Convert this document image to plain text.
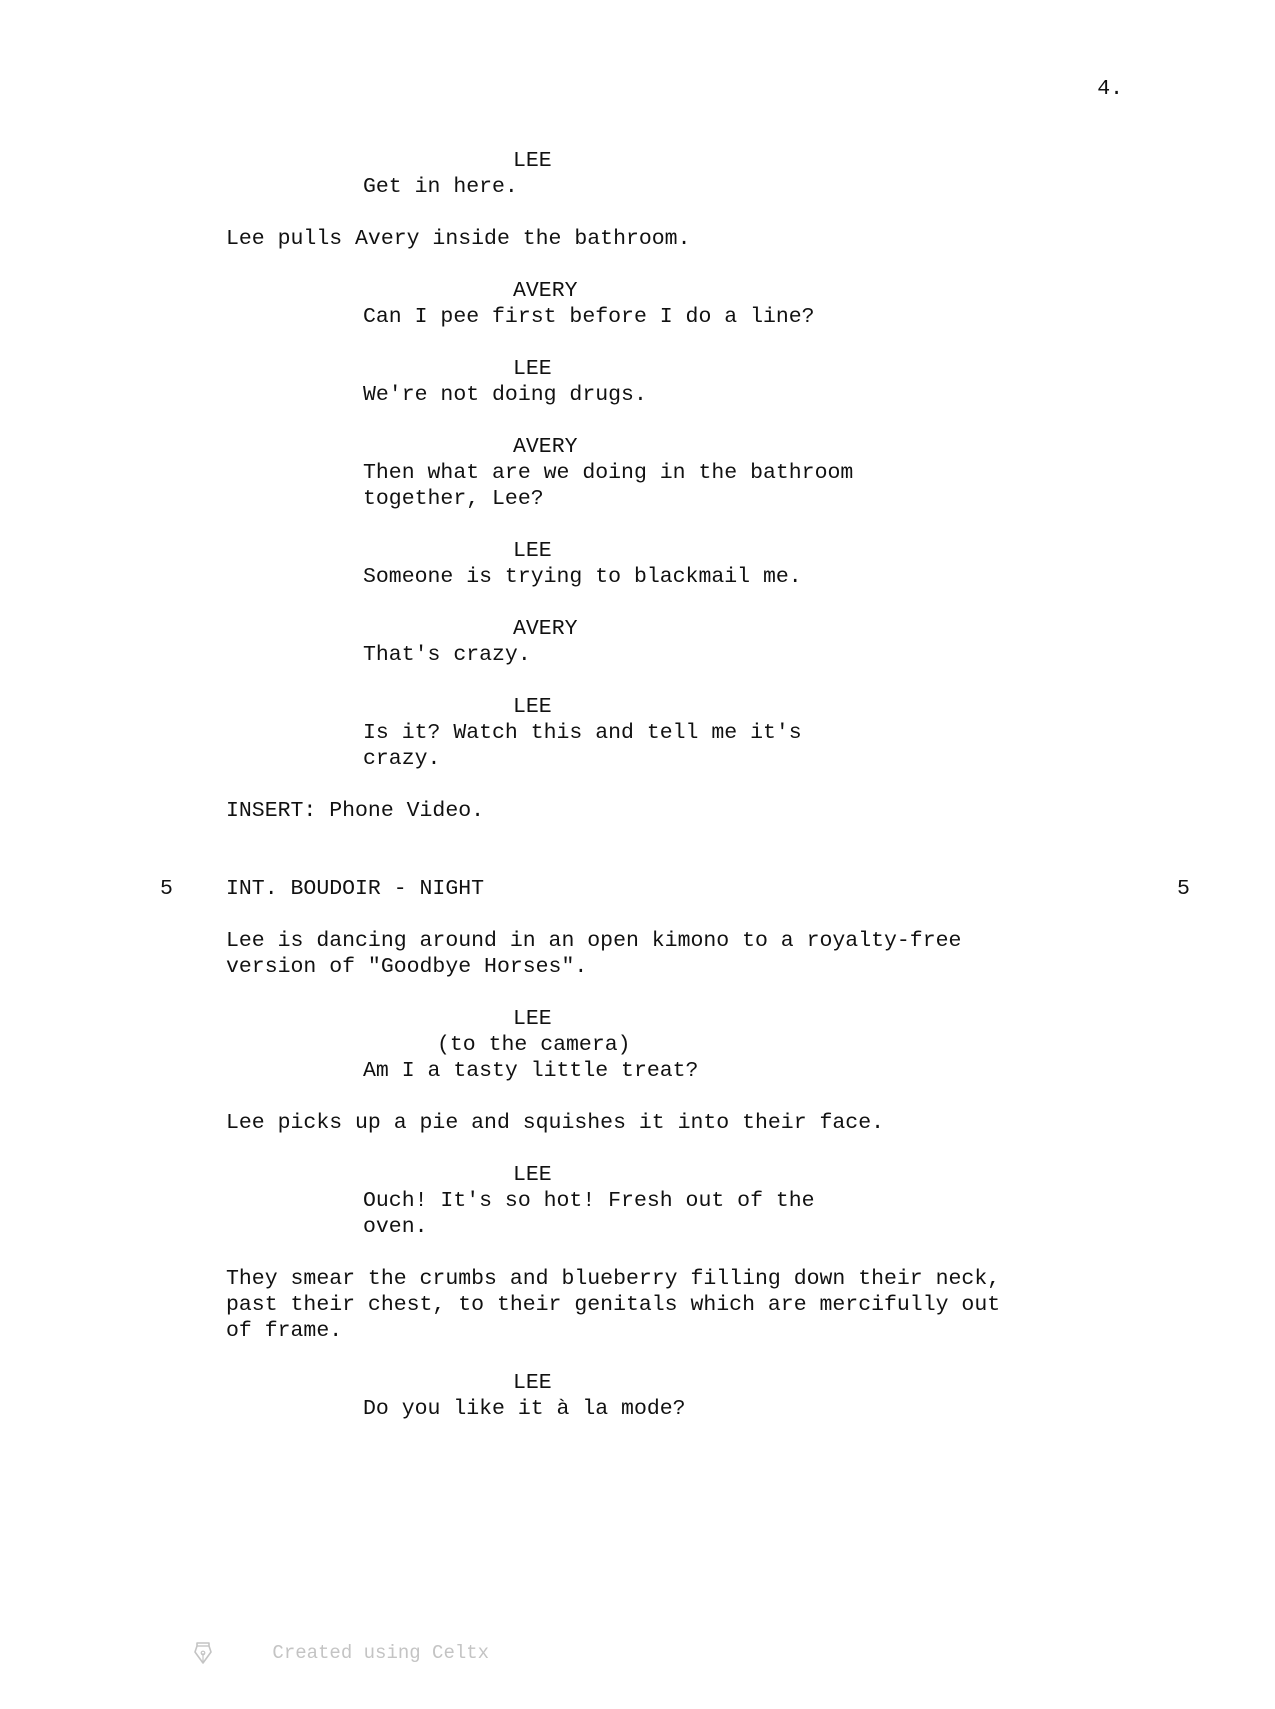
4.
LEE
Get in here.
Lee pulls Avery inside the bathroom.
AVERY
Can I pee first before I do a line?
LEE
We're not doing drugs.
AVERY
Then what are we doing in the bathroom
together, Lee?
LEE
Someone is trying to blackmail me.
AVERY
That's crazy.
LEE
Is it? Watch this and tell me it's
crazy.
INSERT: Phone Video.
5 INT. BOUDOIR - NIGHT	5
Lee is dancing around in an open kimono to a royalty-free
version of "Goodbye Horses".
LEE
(to the camera)
Am I a tasty little treat?
Lee picks up a pie and squishes it into their face.
LEE
Ouch! It's so hot! Fresh out of the
oven.
They smear the crumbs and blueberry filling down their neck,
past their chest, to their genitals which are mercifully out
of frame.
LEE
Do you like it à la mode?

Created using Celtx
